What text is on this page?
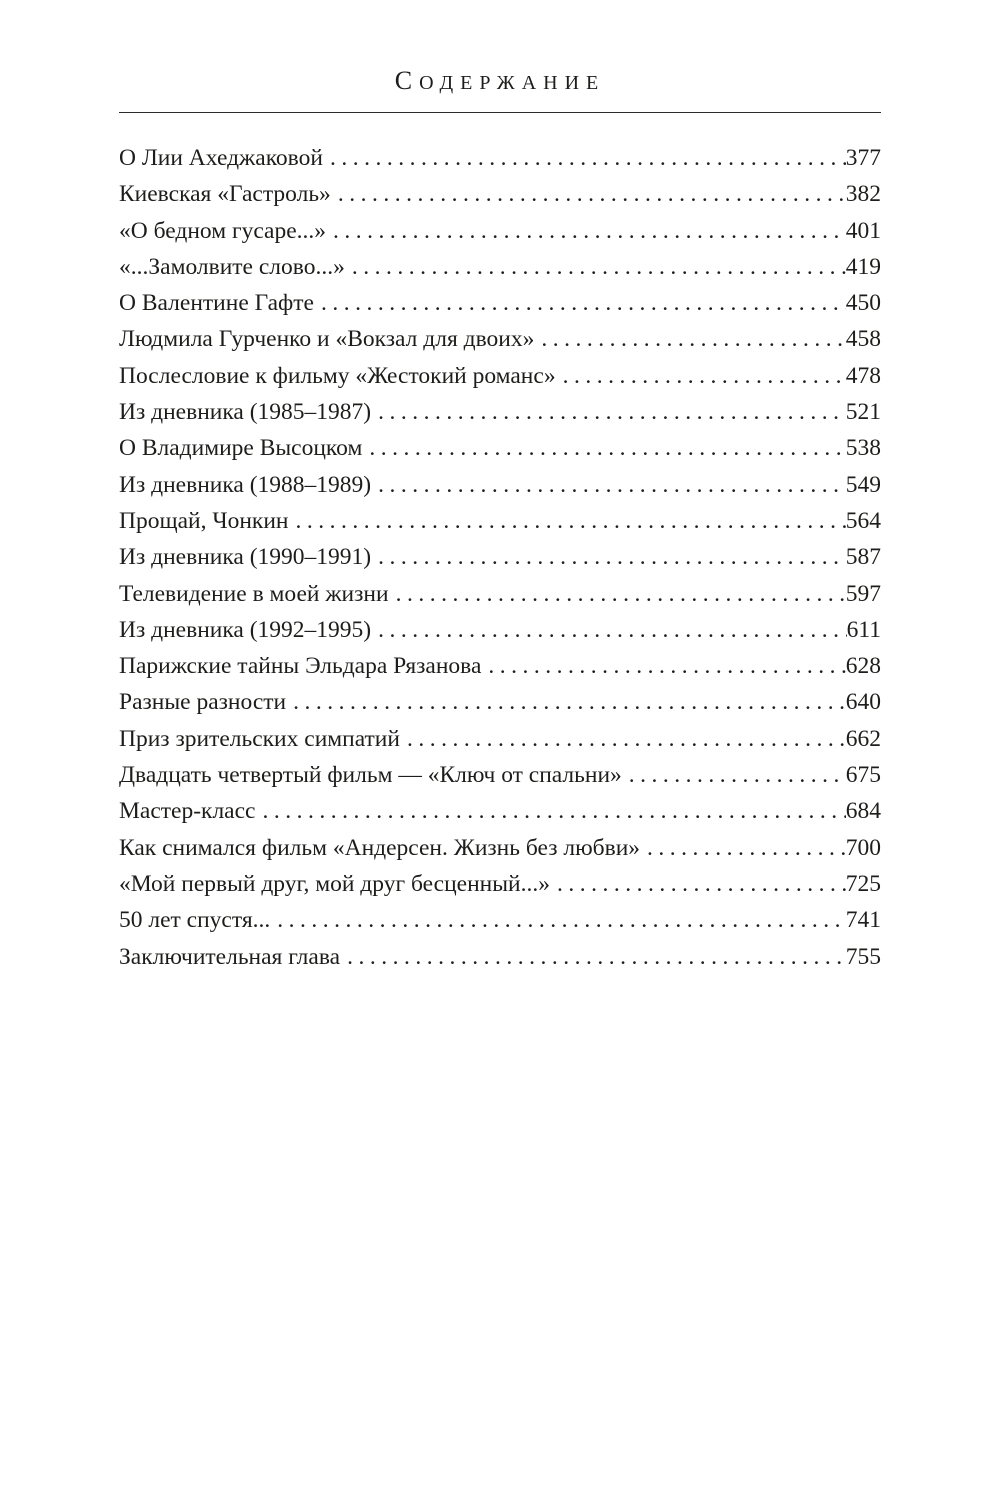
СОДЕРЖАНИЕ
О Лии Ахеджаковой .....	377
Киевская «Гастроль» .....	382
«О бедном гусаре...» .....	401
«...Замолвите слово...» .....	419
О Валентине Гафте .....	450
Людмила Гурченко и «Вокзал для двоих» .....	458
Послесловие к фильму «Жестокий романс» .....	478
Из дневника (1985–1987) .....	521
О Владимире Высоцком .....	538
Из дневника (1988–1989) .....	549
Прощай, Чонкин .....	564
Из дневника (1990–1991) .....	587
Телевидение в моей жизни .....	597
Из дневника (1992–1995) .....	611
Парижские тайны Эльдара Рязанова .....	628
Разные разности .....	640
Приз зрительских симпатий .....	662
Двадцать четвертый фильм — «Ключ от спальни» .....	675
Мастер-класс .....	684
Как снимался фильм «Андерсен. Жизнь без любви» .....	700
«Мой первый друг, мой друг бесценный...» .....	725
50 лет спустя... .....	741
Заключительная глава .....	755
